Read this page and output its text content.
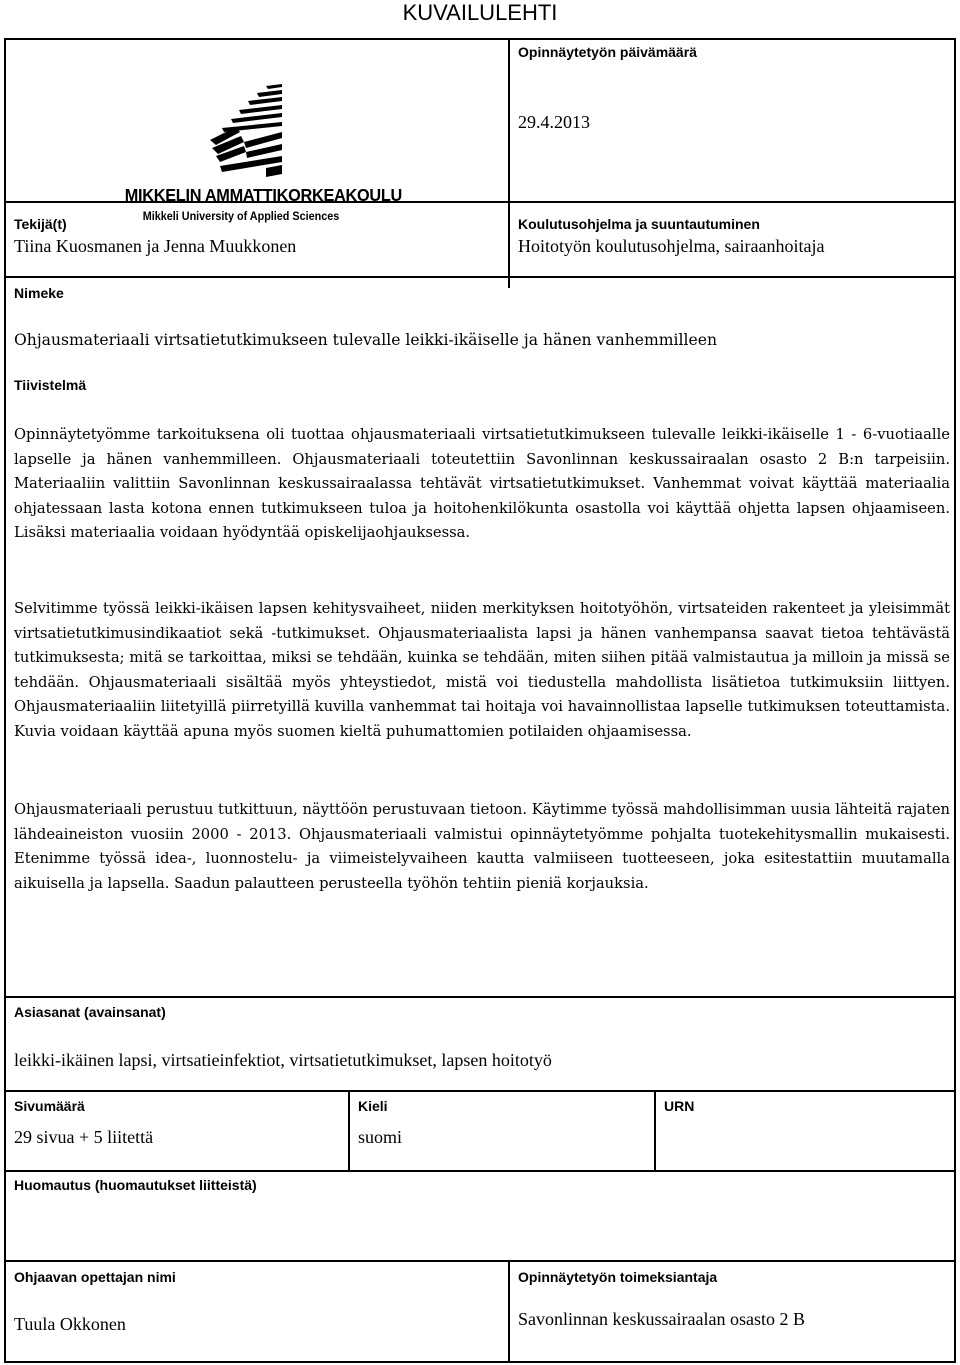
KUVAILULEHTI
MIKKELIN AMMATTIKORKEAKOULU
Mikkeli University of Applied Sciences
Opinnäytetyön päivämäärä
29.4.2013
Tekijä(t)
Tiina Kuosmanen ja Jenna Muukkonen
Koulutusohjelma ja suuntautuminen
Hoitotyön koulutusohjelma, sairaanhoitaja
Nimeke
Ohjausmateriaali virtsatietutkimukseen tulevalle leikki-ikäiselle ja hänen vanhemmilleen
Tiivistelmä

Opinnäytetyömme tarkoituksena oli tuottaa ohjausmateriaali virtsatietutkimukseen tulevalle leikki-ikäiselle 1 - 6-vuotiaalle lapselle ja hänen vanhemmilleen. Ohjausmateriaali toteutettiin Savonlinnan keskussairaalan osasto 2 B:n tarpeisiin. Materiaaliin valittiin Savonlinnan keskussairaalassa tehtävät virtsatietutkimukset. Vanhemmat voivat käyttää materiaalia ohjatessaan lasta kotona ennen tutkimukseen tuloa ja hoitohenkilökunta osastolla voi käyttää ohjetta lapsen ohjaamiseen. Lisäksi materiaalia voidaan hyödyntää opiskelijaohjauksessa.

Selvitimme työssä leikki-ikäisen lapsen kehitysvaiheet, niiden merkityksen hoitotyöhön, virtsateiden rakenteet ja yleisimmät virtsatietutkimusindikaatiot sekä -tutkimukset. Ohjausmateriaalista lapsi ja hänen vanhempansa saavat tietoa tehtävästä tutkimuksesta; mitä se tarkoittaa, miksi se tehdään, kuinka se tehdään, miten siihen pitää valmistautua ja milloin ja missä se tehdään. Ohjausmateriaali sisältää myös yhteystiedot, mistä voi tiedustella mahdollista lisätietoa tutkimuksiin liittyen. Ohjausmateriaaliin liitetyillä piirretyillä kuvilla vanhemmat tai hoitaja voi havainnollistaa lapselle tutkimuksen toteuttamista. Kuvia voidaan käyttää apuna myös suomen kieltä puhumattomien potilaiden ohjaamisessa.

Ohjausmateriaali perustuu tutkittuun, näyttöön perustuvaan tietoon. Käytimme työssä mahdollisimman uusia lähteitä rajaten lähdeaineiston vuosiin 2000 - 2013. Ohjausmateriaali valmistui opinnäytetyömme pohjalta tuotekehitysmallin mukaisesti. Etenimme työssä idea-, luonnostelu- ja viimeistelyvaiheen kautta valmiiseen tuotteeseen, joka esitestattiin muutamalla aikuisella ja lapsella. Saadun palautteen perusteella työhön tehtiin pieniä korjauksia.

Asiasanat (avainsanat)
leikki-ikäinen lapsi, virtsatieinfektiot, virtsatietutkimukset, lapsen hoitotyö
Sivumäärä
29 sivua + 5 liitettä
Kieli
suomi
URN
Huomautus (huomautukset liitteistä)
Ohjaavan opettajan nimi
Tuula Okkonen
Opinnäytetyön toimeksiantaja
Savonlinnan keskussairaalan osasto 2 B
